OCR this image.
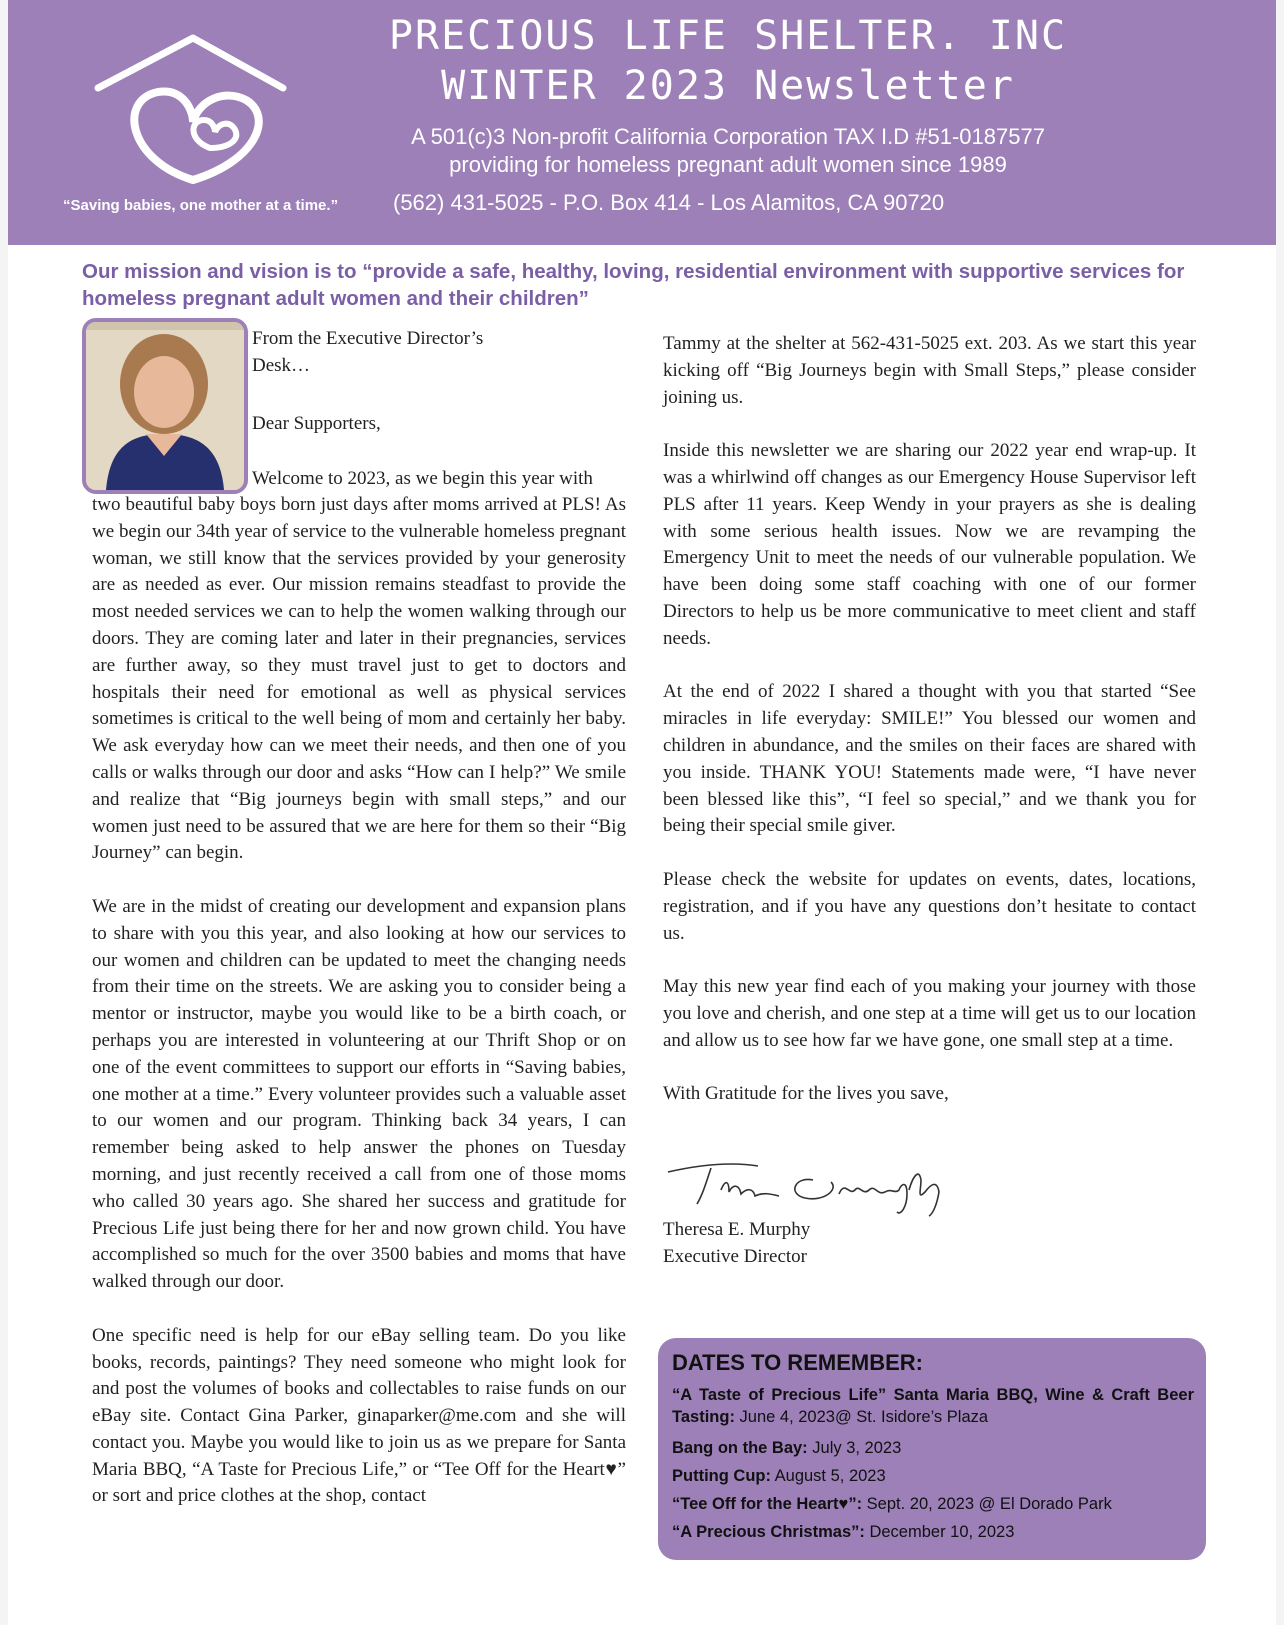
“Saving babies, one mother at a time.”
PRECIOUS LIFE SHELTER. INC
WINTER 2023 Newsletter
A 501(c)3 Non-profit California Corporation TAX I.D #51-0187577
providing for homeless pregnant adult women since 1989
(562) 431-5025 - P.O. Box 414 - Los Alamitos, CA 90720
Our mission and vision is to “provide a safe, healthy, loving, residential environment with supportive services for homeless pregnant adult women and their children”
From the Executive Director’s Desk…
Dear Supporters,
Welcome to 2023, as we begin this year with

two beautiful baby boys born just days after moms arrived at PLS! As we begin our 34th year of service to the vulnerable homeless pregnant woman, we still know that the services provided by your generosity are as needed as ever. Our mission remains steadfast to provide the most needed services we can to help the women walking through our doors. They are coming later and later in their pregnancies, services are further away, so they must travel just to get to doctors and hospitals their need for emotional as well as physical services sometimes is critical to the well being of mom and certainly her baby. We ask everyday how can we meet their needs, and then one of you calls or walks through our door and asks “How can I help?” We smile and realize that “Big journeys begin with small steps,” and our women just need to be assured that we are here for them so their “Big Journey” can begin.

We are in the midst of creating our development and expansion plans to share with you this year, and also looking at how our services to our women and children can be updated to meet the changing needs from their time on the streets. We are asking you to consider being a mentor or instructor, maybe you would like to be a birth coach, or perhaps you are interested in volunteering at our Thrift Shop or on one of the event committees to support our efforts in “Saving babies, one mother at a time.” Every volunteer provides such a valuable asset to our women and our program. Thinking back 34 years, I can remember being asked to help answer the phones on Tuesday morning, and just recently received a call from one of those moms who called 30 years ago. She shared her success and gratitude for Precious Life just being there for her and now grown child. You have accomplished so much for the over 3500 babies and moms that have walked through our door.

One specific need is help for our eBay selling team. Do you like books, records, paintings? They need someone who might look for and post the volumes of books and collectables to raise funds on our eBay site. Contact Gina Parker, ginaparker@me.com and she will contact you. Maybe you would like to join us as we prepare for Santa Maria BBQ, “A Taste for Precious Life,” or “Tee Off for the Heart♥” or sort and price clothes at the shop, contact

Tammy at the shelter at 562-431-5025 ext. 203. As we start this year kicking off “Big Journeys begin with Small Steps,” please consider joining us.

Inside this newsletter we are sharing our 2022 year end wrap-up. It was a whirlwind off changes as our Emergency House Supervisor left PLS after 11 years. Keep Wendy in your prayers as she is dealing with some serious health issues. Now we are revamping the Emergency Unit to meet the needs of our vulnerable population. We have been doing some staff coaching with one of our former Directors to help us be more communicative to meet client and staff needs.

At the end of 2022 I shared a thought with you that started “See miracles in life everyday: SMILE!” You blessed our women and children in abundance, and the smiles on their faces are shared with you inside. THANK YOU! Statements made were, “I have never been blessed like this”, “I feel so special,” and we thank you for being their special smile giver.

Please check the website for updates on events, dates, locations, registration, and if you have any questions don’t hesitate to contact us.

May this new year find each of you making your journey with those you love and cherish, and one step at a time will get us to our location and allow us to see how far we have gone, one small step at a time.

With Gratitude for the lives you save,

Theresa E. Murphy
Executive Director
DATES TO REMEMBER:
“A Taste of Precious Life” Santa Maria BBQ, Wine & Craft Beer Tasting: June 4, 2023@ St. Isidore’s Plaza
Bang on the Bay: July 3, 2023
Putting Cup: August 5, 2023
“Tee Off for the Heart♥”: Sept. 20, 2023 @ El Dorado Park
“A Precious Christmas”: December 10, 2023
